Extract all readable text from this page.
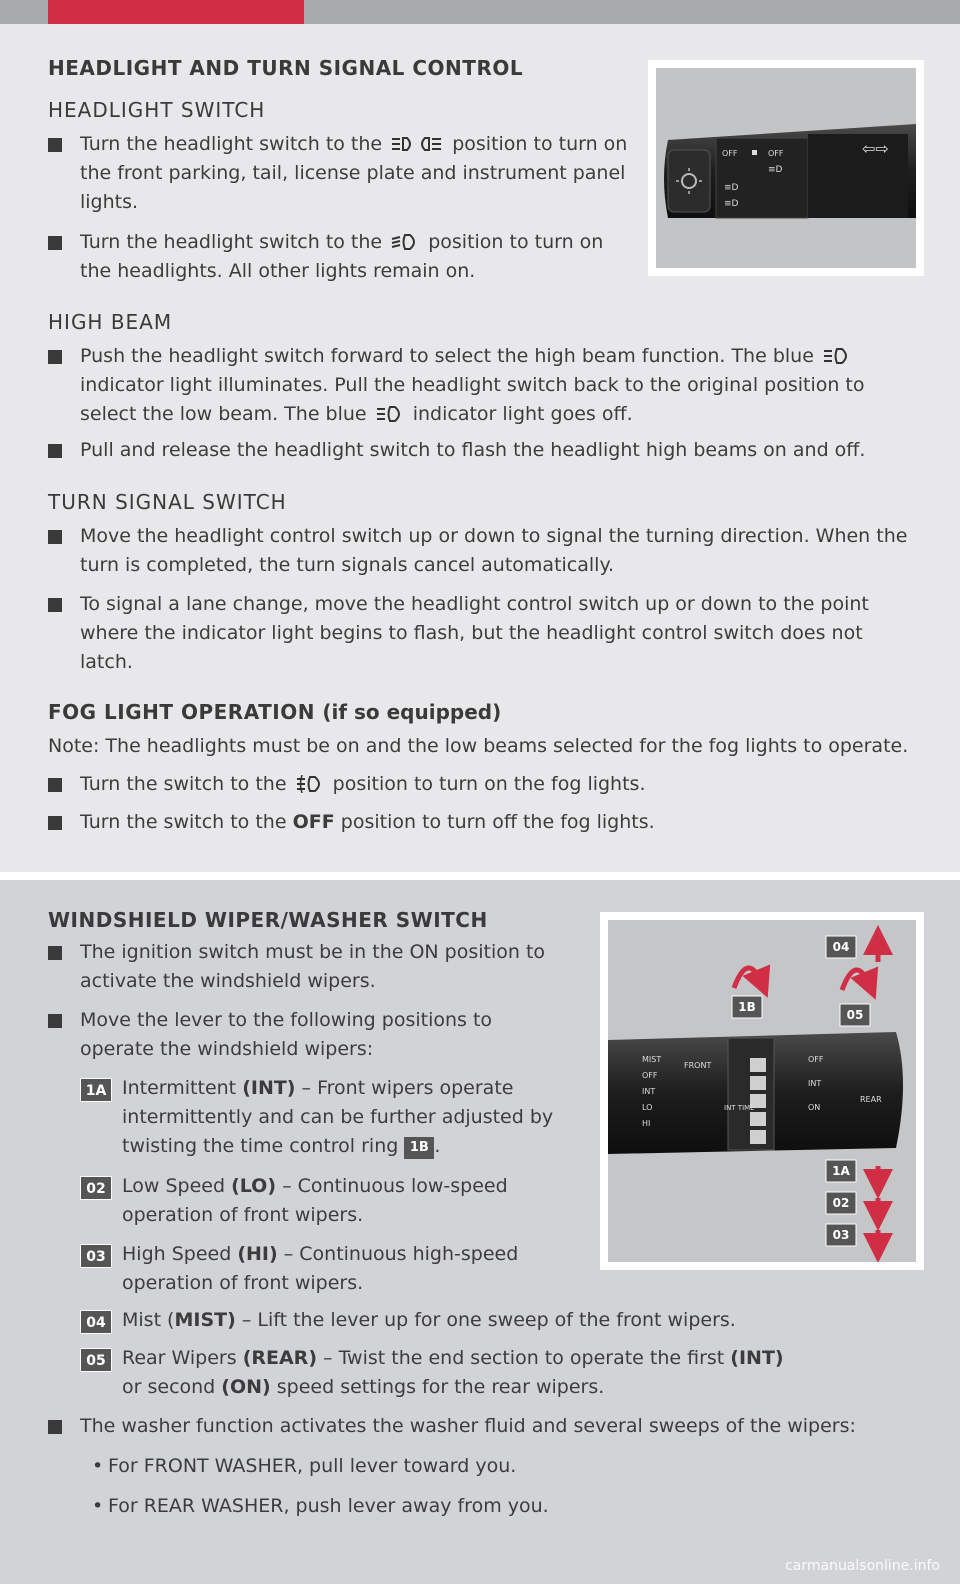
HEADLIGHT AND TURN SIGNAL CONTROL
HEADLIGHT SWITCH
Turn the headlight switch to the	position to turn on the front parking, tail, license plate and instrument panel lights.
Turn the headlight switch to the position to turn on the headlights. All other lights remain on.
OFF	OFF
≡D
≡D
≡D
⇦⇨
HIGH BEAM
Push the headlight switch forward to select the high beam function. The blue  indicator light illuminates. Pull the headlight switch back to the original position to select the low beam. The blue indicator light goes off.
Pull and release the headlight switch to flash the headlight high beams on and off.
TURN SIGNAL SWITCH
Move the headlight control switch up or down to signal the turning direction. When the turn is completed, the turn signals cancel automatically.
To signal a lane change, move the headlight control switch up or down to the point where the indicator light begins to flash, but the headlight control switch does not latch.
FOG LIGHT OPERATION (if so equipped)
Note: The headlights must be on and the low beams selected for the fog lights to operate.
Turn the switch to the position to turn on the fog lights.
Turn the switch to the OFF position to turn off the fog lights.
WINDSHIELD WIPER/WASHER SWITCH
The ignition switch must be in the ON position to activate the windshield wipers.
Move the lever to the following positions to operate the windshield wipers:
1A Intermittent (INT) – Front wipers operate intermittently and can be further adjusted by twisting the time control ring 1B .
02 Low Speed (LO) – Continuous low-speed operation of front wipers.
03 High Speed (HI) – Continuous high-speed operation of front wipers.
04 Mist (MIST) – Lift the lever up for one sweep of the front wipers.
05 Rear Wipers (REAR) – Twist the end section to operate the first (INT) or second (ON) speed settings for the rear wipers.
The washer function activates the washer fluid and several sweeps of the wipers:
• For FRONT WASHER, pull lever toward you.
• For REAR WASHER, push lever away from you.
MIST
OFF
INT
LO
HI
FRONT
INT TIME
OFF
INT
ON
REAR
04
05
1B
1A
02
03
carmanualsonline.info
